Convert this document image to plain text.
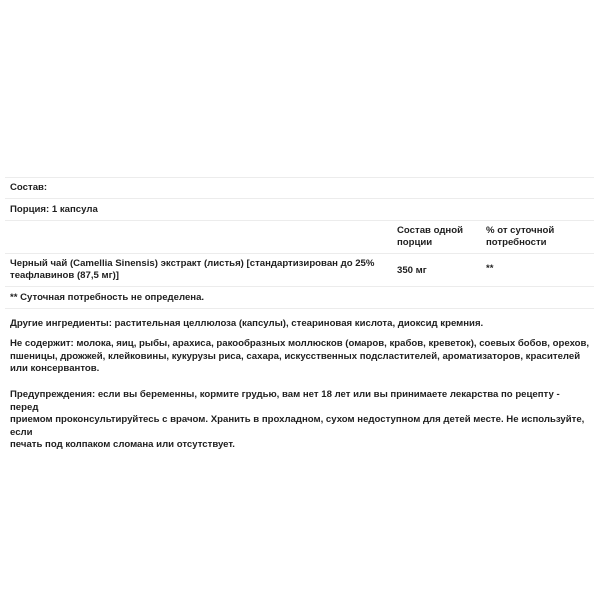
Состав:
Порция: 1 капсула
Состав одной
порции
% от суточной
потребности
Черный чай (Camellia Sinensis) экстракт (листья) [стандартизирован до 25%
теафлавинов (87,5 мг)]	350 мг	**
** Суточная потребность не определена.

Другие ингредиенты: растительная целлюлоза (капсулы), стеариновая кислота, диоксид кремния.

Не содержит: молока, яиц, рыбы, арахиса, ракообразных моллюсков (омаров, крабов, креветок), соевых бобов, орехов,
пшеницы, дрожжей, клейковины, кукурузы риса, сахара, искусственных подсластителей, ароматизаторов, красителей
или консервантов.

Предупреждения: если вы беременны, кормите грудью, вам нет 18 лет или вы принимаете лекарства по рецепту - перед
приемом проконсультируйтесь с врачом. Хранить в прохладном, сухом недоступном для детей месте. Не используйте, если
печать под колпаком сломана или отсутствует.
